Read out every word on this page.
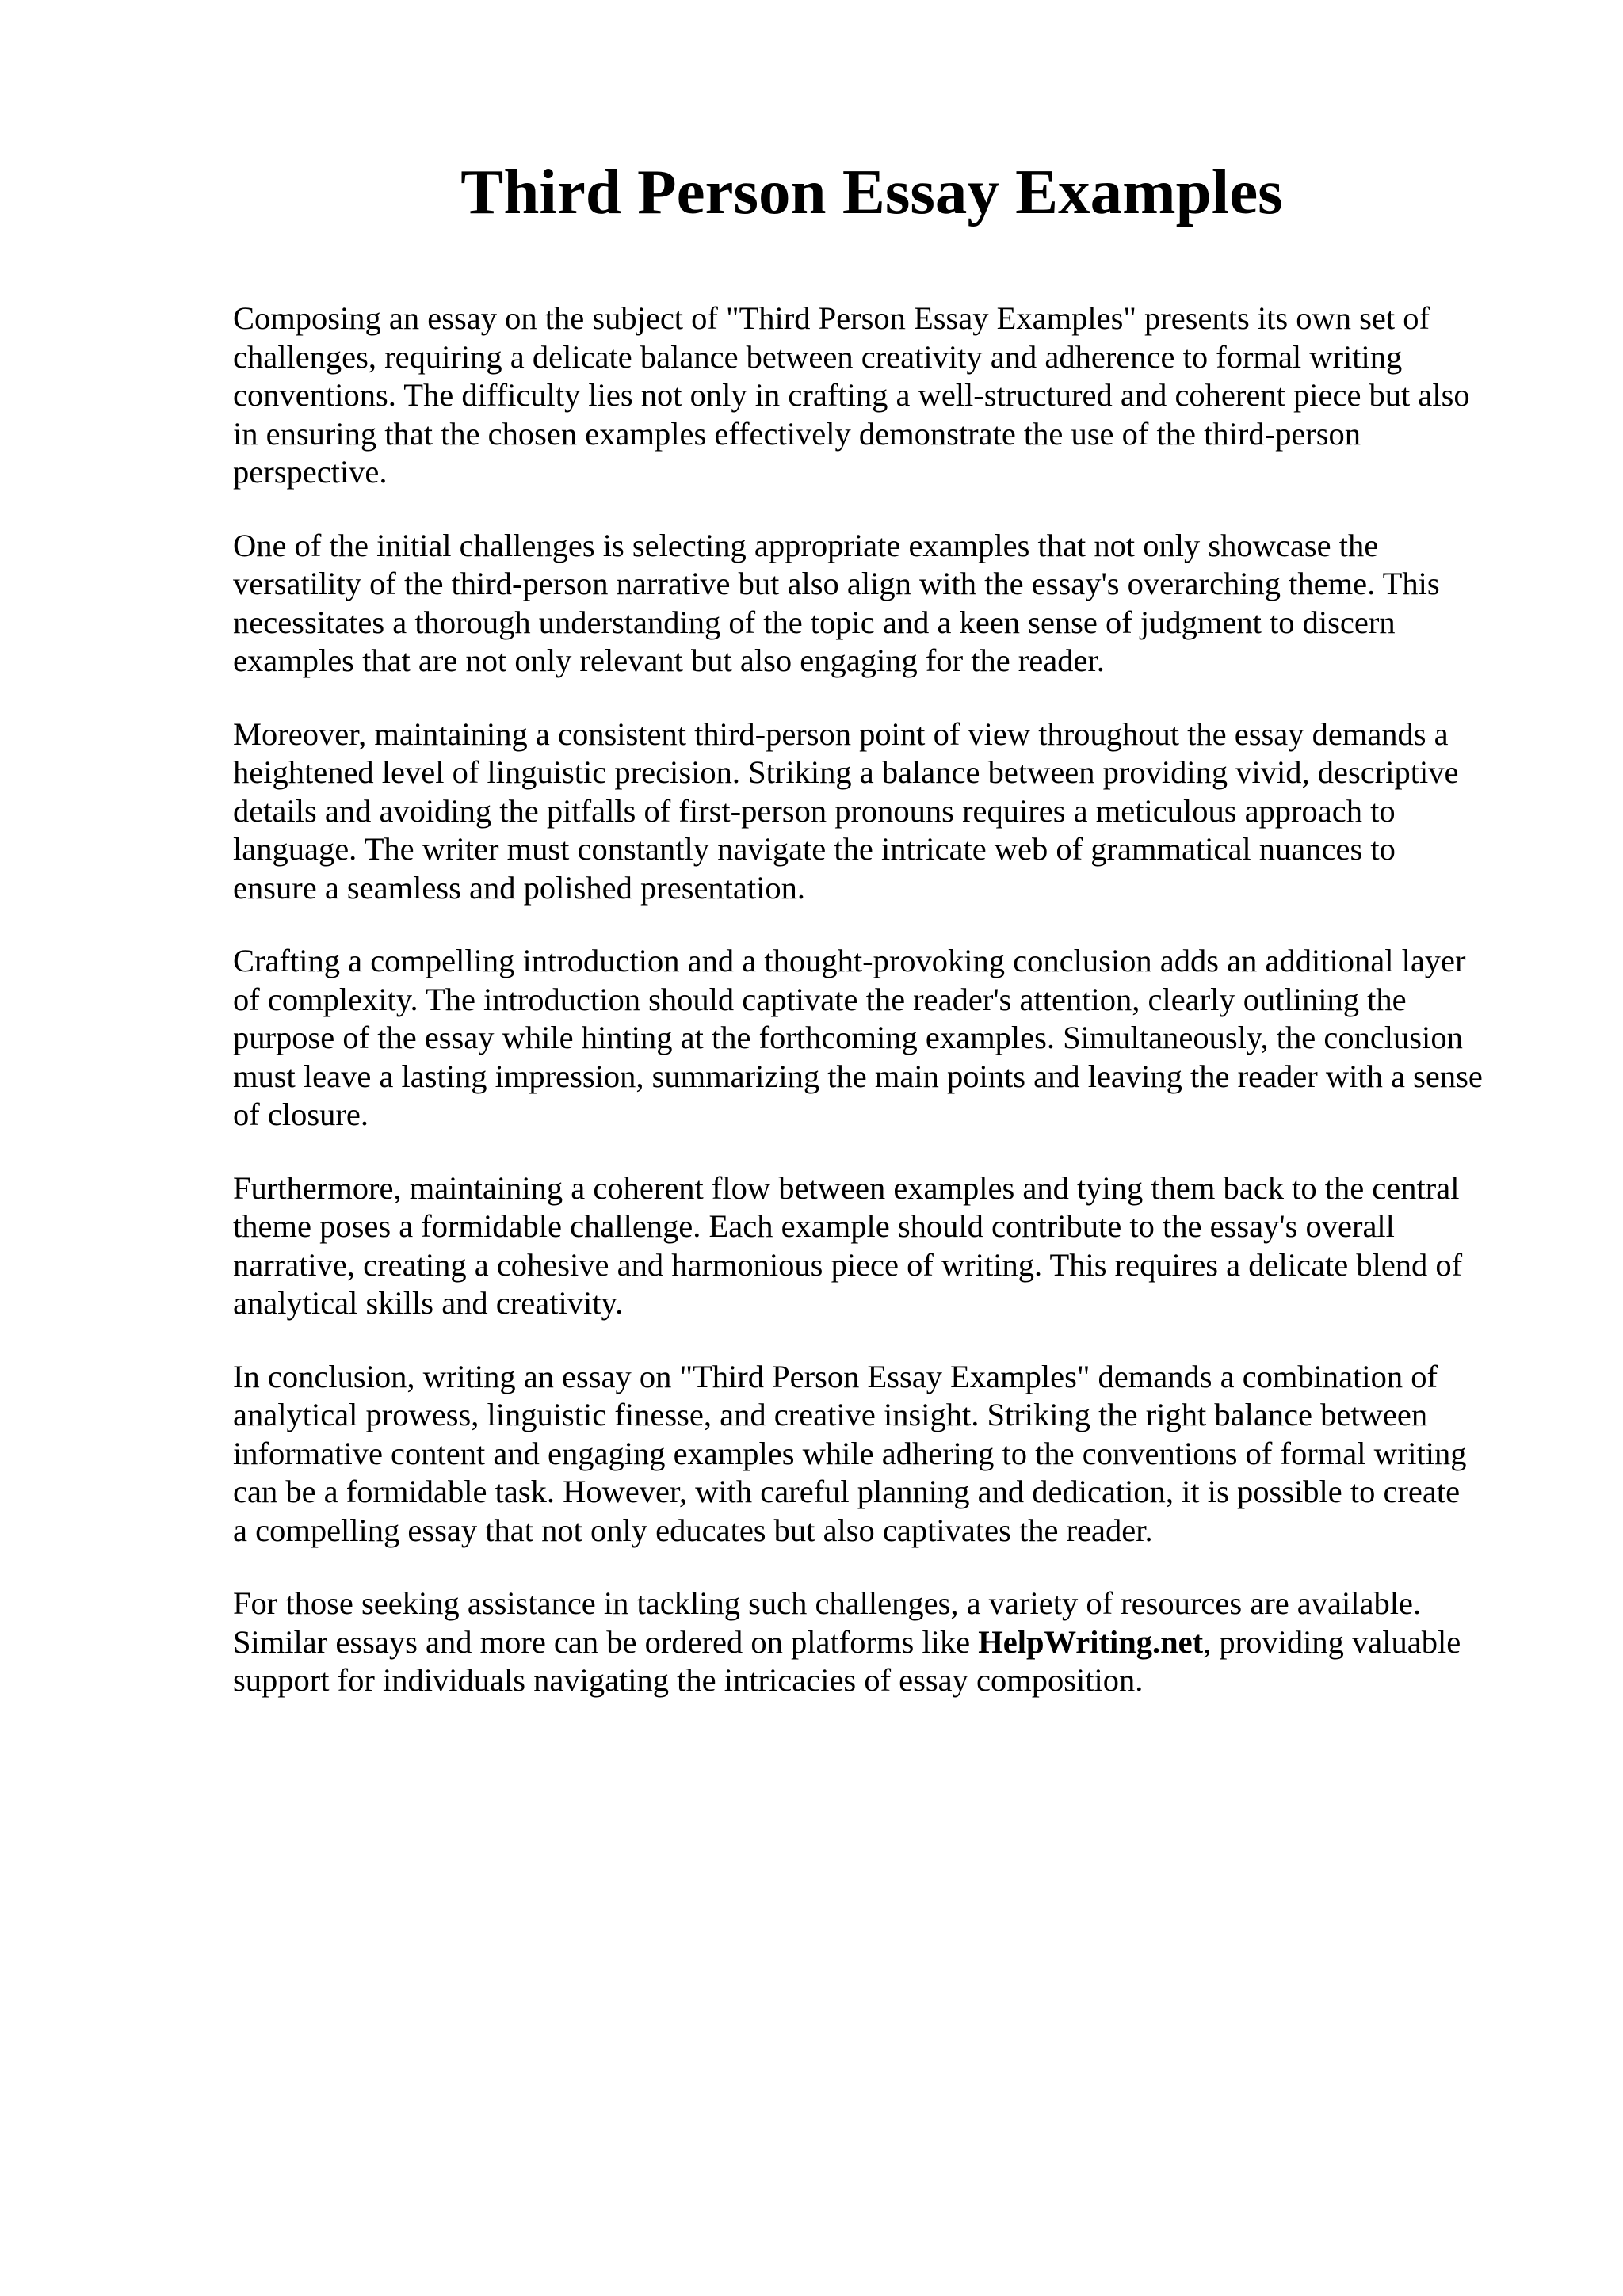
Third Person Essay Examples

Composing an essay on the subject of "Third Person Essay Examples" presents its own set of
challenges, requiring a delicate balance between creativity and adherence to formal writing
conventions. The difficulty lies not only in crafting a well-structured and coherent piece but also
in ensuring that the chosen examples effectively demonstrate the use of the third-person
perspective.

One of the initial challenges is selecting appropriate examples that not only showcase the
versatility of the third-person narrative but also align with the essay's overarching theme. This
necessitates a thorough understanding of the topic and a keen sense of judgment to discern
examples that are not only relevant but also engaging for the reader.

Moreover, maintaining a consistent third-person point of view throughout the essay demands a
heightened level of linguistic precision. Striking a balance between providing vivid, descriptive
details and avoiding the pitfalls of first-person pronouns requires a meticulous approach to
language. The writer must constantly navigate the intricate web of grammatical nuances to
ensure a seamless and polished presentation.

Crafting a compelling introduction and a thought-provoking conclusion adds an additional layer
of complexity. The introduction should captivate the reader's attention, clearly outlining the
purpose of the essay while hinting at the forthcoming examples. Simultaneously, the conclusion
must leave a lasting impression, summarizing the main points and leaving the reader with a sense
of closure.

Furthermore, maintaining a coherent flow between examples and tying them back to the central
theme poses a formidable challenge. Each example should contribute to the essay's overall
narrative, creating a cohesive and harmonious piece of writing. This requires a delicate blend of
analytical skills and creativity.

In conclusion, writing an essay on "Third Person Essay Examples" demands a combination of
analytical prowess, linguistic finesse, and creative insight. Striking the right balance between
informative content and engaging examples while adhering to the conventions of formal writing
can be a formidable task. However, with careful planning and dedication, it is possible to create
a compelling essay that not only educates but also captivates the reader.

For those seeking assistance in tackling such challenges, a variety of resources are available.
Similar essays and more can be ordered on platforms like HelpWriting.net, providing valuable
support for individuals navigating the intricacies of essay composition.
